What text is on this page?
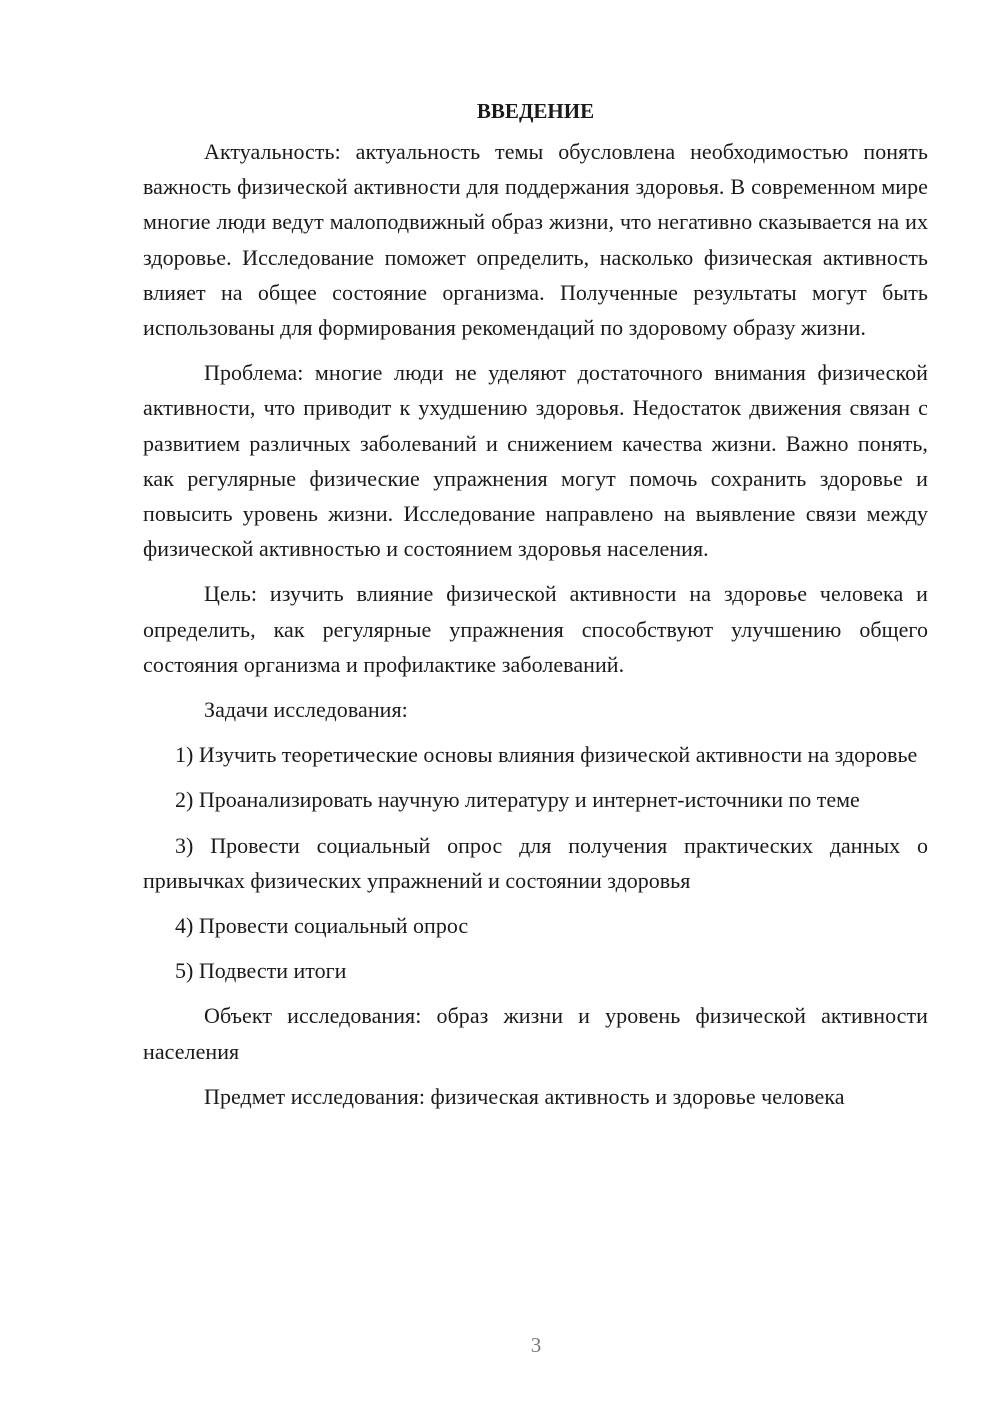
ВВЕДЕНИЕ

Актуальность: актуальность темы обусловлена необходимостью понять важность физической активности для поддержания здоровья. В современном мире многие люди ведут малоподвижный образ жизни, что негативно сказывается на их здоровье. Исследование поможет определить, насколько физическая активность влияет на общее состояние организма. Полученные результаты могут быть использованы для формирования рекомендаций по здоровому образу жизни.

Проблема: многие люди не уделяют достаточного внимания физической активности, что приводит к ухудшению здоровья. Недостаток движения связан с развитием различных заболеваний и снижением качества жизни. Важно понять, как регулярные физические упражнения могут помочь сохранить здоровье и повысить уровень жизни. Исследование направлено на выявление связи между физической активностью и состоянием здоровья населения.

Цель: изучить влияние физической активности на здоровье человека и определить, как регулярные упражнения способствуют улучшению общего состояния организма и профилактике заболеваний.

Задачи исследования:

1) Изучить теоретические основы влияния физической активности на здоровье

2) Проанализировать научную литературу и интернет-источники по теме

3) Провести социальный опрос для получения практических данных о привычках физических упражнений и состоянии здоровья

4) Провести социальный опрос

5) Подвести итоги

Объект исследования: образ жизни и уровень физической активности населения

Предмет исследования: физическая активность и здоровье человека

3
